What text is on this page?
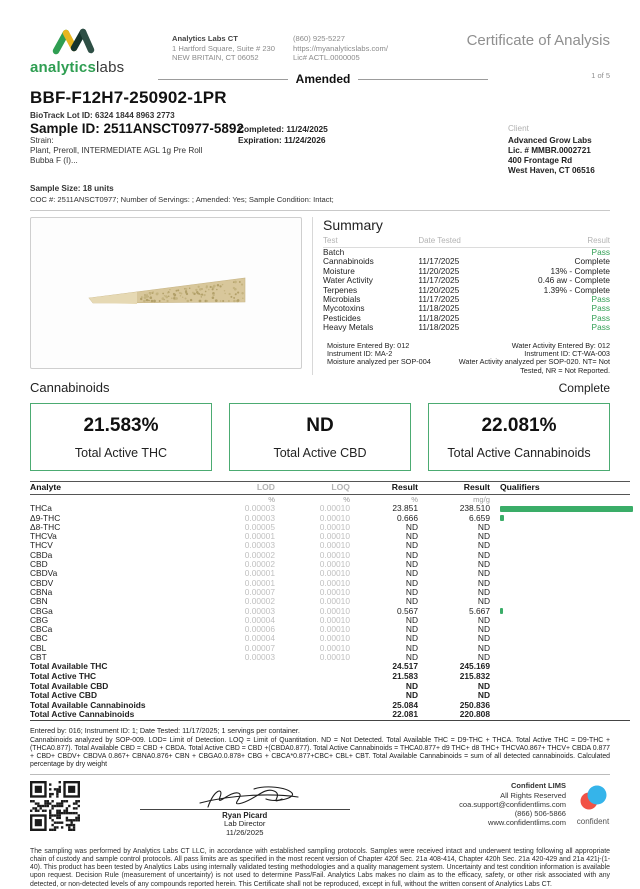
analyticslabs
Analytics Labs CT
1 Hartford Square, Suite # 230
NEW BRITAIN, CT 06052
(860) 925-5227
https://myanalyticslabs.com/
Lic# ACTL.0000005
Certificate of Analysis
1 of 5
Amended
BBF-F12H7-250902-1PR
BioTrack Lot ID: 6324 1844 8963 2773
Sample ID: 2511ANSCT0977-5892
Strain:
Plant, Preroll, INTERMEDIATE AGL 1g Pre Roll
Bubba F (I)...
Completed: 11/24/2025
Expiration: 11/24/2026
Client
Advanced Grow Labs
Lic. # MMBR.0002721
400 Frontage Rd
West Haven, CT 06516
Sample Size: 18 units
COC #: 2511ANSCT0977; Number of Servings: ; Amended: Yes; Sample Condition: Intact;
Summary
Test	Date Tested	Result
Batch	Pass
Cannabinoids	11/17/2025	Complete
Moisture	11/20/2025	13% - Complete
Water Activity	11/17/2025	0.46 aw - Complete
Terpenes	11/20/2025	1.39% - Complete
Microbials	11/17/2025	Pass
Mycotoxins	11/18/2025	Pass
Pesticides	11/18/2025	Pass
Heavy Metals	11/18/2025	Pass
Moisture Entered By: 012
Instrument ID: MA-2
Moisture analyzed per SOP-004
Water Activity Entered By: 012
Instrument ID: CT-WA-003
Water Activity analyzed per SOP-020. NT= Not
Tested, NR = Not Reported.
Cannabinoids	Complete
21.583%
Total Active THC
ND
Total Active CBD
22.081%
Total Active Cannabinoids
Analyte	LOD	LOQ	Result	Result	Qualifiers
	%	%	%	mg/g	
THCa	0.00003	0.00010	23.851	238.510	
Δ9-THC	0.00003	0.00010	0.666	6.659	
Δ8-THC	0.00005	0.00010	ND	ND	
THCVa	0.00001	0.00010	ND	ND	
THCV	0.00003	0.00010	ND	ND	
CBDa	0.00002	0.00010	ND	ND	
CBD	0.00002	0.00010	ND	ND	
CBDVa	0.00001	0.00010	ND	ND	
CBDV	0.00001	0.00010	ND	ND	
CBNa	0.00007	0.00010	ND	ND	
CBN	0.00002	0.00010	ND	ND	
CBGa	0.00003	0.00010	0.567	5.667	
CBG	0.00004	0.00010	ND	ND	
CBCa	0.00006	0.00010	ND	ND	
CBC	0.00004	0.00010	ND	ND	
CBL	0.00007	0.00010	ND	ND	
CBT	0.00003	0.00010	ND	ND	
Total Available THC			24.517	245.169	
Total Active THC			21.583	215.832	
Total Available CBD			ND	ND	
Total Active CBD			ND	ND	
Total Available Cannabinoids			25.084	250.836	
Total Active Cannabinoids			22.081	220.808	
Entered by: 016; Instrument ID: 1; Date Tested: 11/17/2025; 1 servings per container.
Cannabinoids analyzed by SOP-009. LOD= Limit of Detection. LOQ = Limit of Quantitation. ND = Not Detected. Total Available THC = D9-THC + THCA. Total Active THC = D9-THC + (THCA0.877). Total Available CBD = CBD + CBDA. Total Active CBD = CBD +(CBDA0.877). Total Active Cannabinoids = THCA0.877+ d9 THC+ d8 THC+ THCVA0.867+ THCV+ CBDA 0.877 + CBD+ CBDV+ CBDVA 0.867+ CBNA0.876+ CBN + CBGA0.0.878+ CBG + CBCA*0.877+CBC+ CBL+ CBT. Total Available Cannabinoids = sum of all detected cannabinoids. Calculated percentage by dry weight
Ryan Picard
Lab Director
11/26/2025
Confident LIMS
All Rights Reserved
coa.support@confidentlims.com
(866) 506-5866
www.confidentlims.com confident
The sampling was performed by Analytics Labs CT LLC, in accordance with established sampling protocols. Samples were received intact and underwent testing following all appropriate chain of custody and sample control protocols. All pass limits are as specified in the most recent version of Chapter 420f Sec. 21a 408-414, Chapter 420h Sec. 21a 420-429 and 21a 421j-(1-40). This product has been tested by Analytics Labs using internally validated testing methodologies and a quality management system. Uncertainty and test condition information is available upon request. Decision Rule (measurement of uncertainty) is not used to determine Pass/Fail. Analytics Labs makes no claim as to the efficacy, safety, or other risk associated with any detected, or non-detected levels of any compounds reported herein. This Certificate shall not be reproduced, except in full, without the written consent of Analytics Labs CT.
